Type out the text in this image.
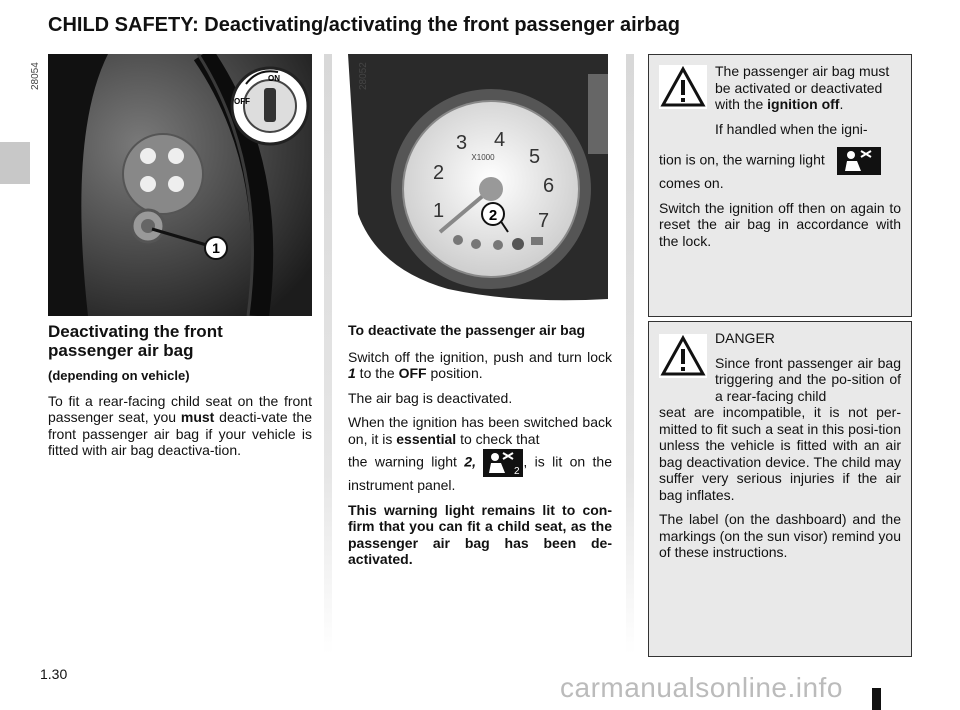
CHILD SAFETY: Deactivating/activating the front passenger airbag
1
ON
OFF
28054
1
2
3 4
5
6
7
X1000
2
28052

Deactivating the front passenger air bag

(depending on vehicle)

To fit a rear-facing child seat on the front passenger seat, you must deacti-vate the front passenger air bag if your vehicle is fitted with air bag deactiva-tion.

To deactivate the passenger air bag

Switch off the ignition, push and turn lock 1 to the OFF position.

The air bag is deactivated.

When the ignition has been switched back on, it is essential to check that

the warning light 2,
2
, is lit on the instrument panel.

This warning light remains lit to con-firm that you can fit a child seat, as the passenger air bag has been de-activated.

The passenger air bag must be activated or deactivated with the ignition off.

If handled when the igni-

tion is on, the warning light
comes on.

Switch the ignition off then on again to reset the air bag in accordance with the lock.

DANGER

Since front passenger air bag triggering and the po-sition of a rear-facing child

seat are incompatible, it is not per-mitted to fit such a seat in this posi-tion unless the vehicle is fitted with an air bag deactivation device. The child may suffer very serious injuries if the air bag inflates.

The label (on the dashboard) and the markings (on the sun visor) remind you of these instructions.

1.30	carmanualsonline.info
